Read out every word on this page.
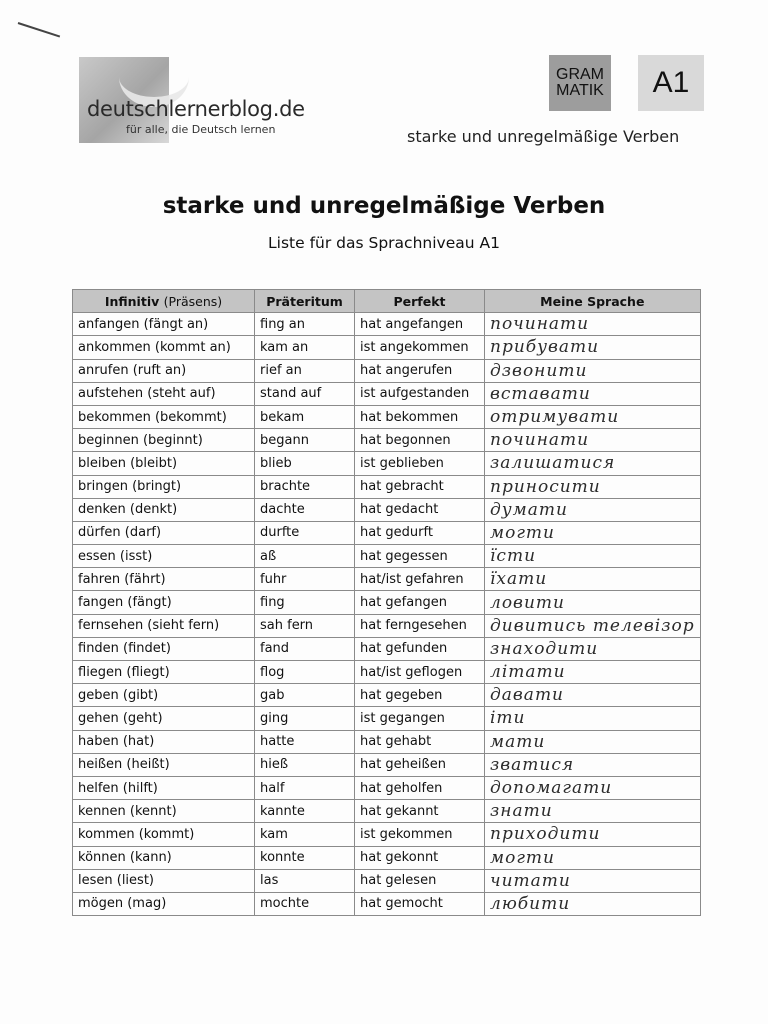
deutschlernerblog.de
für alle, die Deutsch lernen
GRAM
MATIK	A1
starke und unregelmäßige Verben
starke und unregelmäßige Verben
Liste für das Sprachniveau A1
Infinitiv (Präsens)	Präteritum	Perfekt	Meine Sprache
anfangen (fängt an)	fing an	hat angefangen	починати
ankommen (kommt an)	kam an	ist angekommen	прибувати
anrufen (ruft an)	rief an	hat angerufen	дзвонити
aufstehen (steht auf)	stand auf	ist aufgestanden	вставати
bekommen (bekommt)	bekam	hat bekommen	отримувати
beginnen (beginnt)	begann	hat begonnen	починати
bleiben (bleibt)	blieb	ist geblieben	залишатися
bringen (bringt)	brachte	hat gebracht	приносити
denken (denkt)	dachte	hat gedacht	думати
dürfen (darf)	durfte	hat gedurft	могти
essen (isst)	aß	hat gegessen	їсти
fahren (fährt)	fuhr	hat/ist gefahren	їхати
fangen (fängt)	fing	hat gefangen	ловити
fernsehen (sieht fern)	sah fern	hat ferngesehen	дивитись телевізор
finden (findet)	fand	hat gefunden	знаходити
fliegen (fliegt)	flog	hat/ist geflogen	літати
geben (gibt)	gab	hat gegeben	давати
gehen (geht)	ging	ist gegangen	іти
haben (hat)	hatte	hat gehabt	мати
heißen (heißt)	hieß	hat geheißen	зватися
helfen (hilft)	half	hat geholfen	допомагати
kennen (kennt)	kannte	hat gekannt	знати
kommen (kommt)	kam	ist gekommen	приходити
können (kann)	konnte	hat gekonnt	могти
lesen (liest)	las	hat gelesen	читати
mögen (mag)	mochte	hat gemocht	любити
